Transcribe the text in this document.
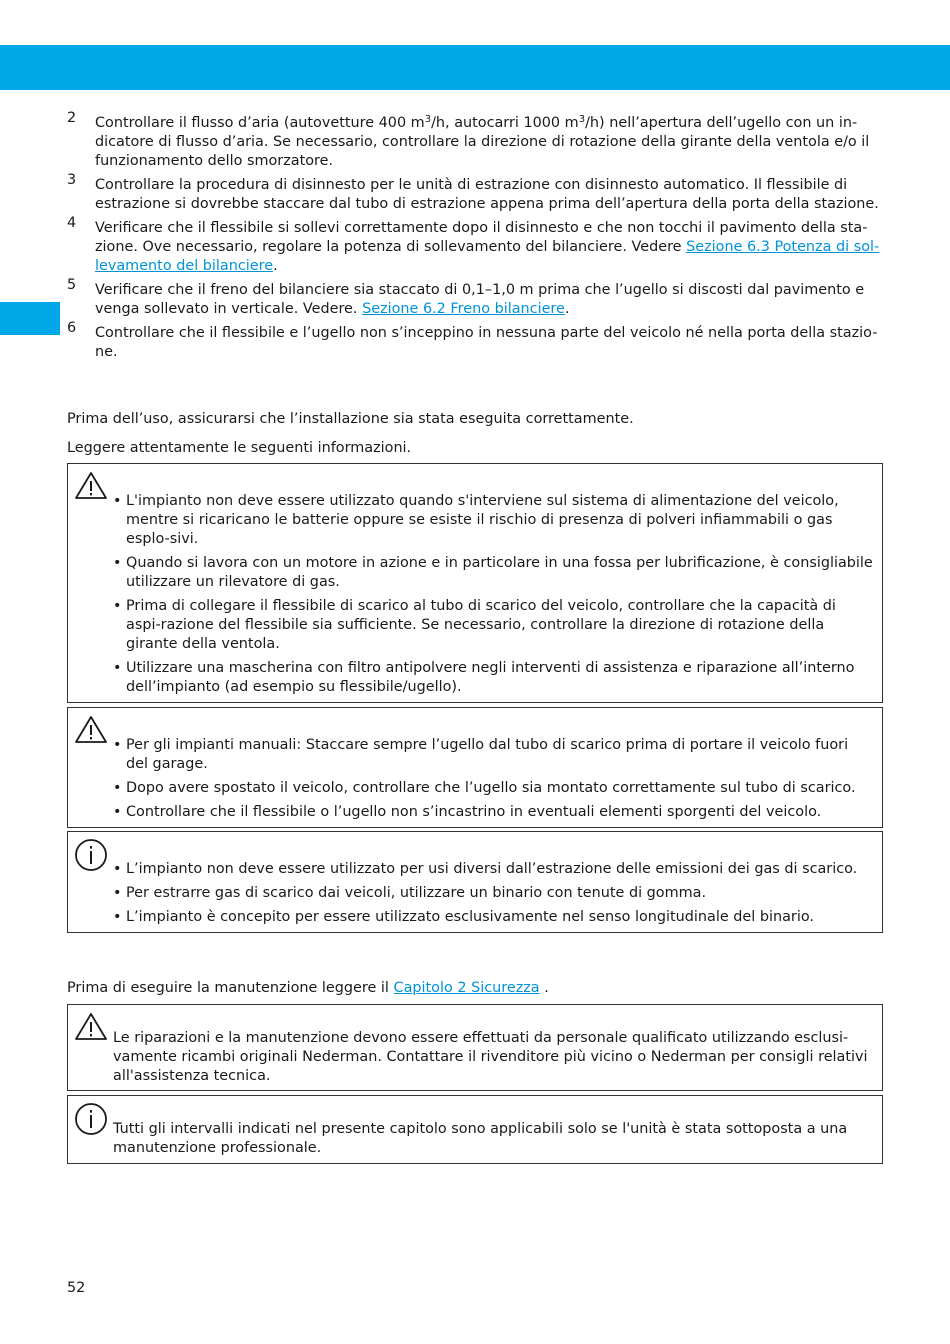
2 Controllare il flusso d’aria (autovetture 400 $m^3/h$, autocarri 1000 $m^3/h$) nell’apertura dell’ugello con un in-dicatore di flusso d’aria. Se necessario, controllare la direzione di rotazione della girante della ventola e/o il funzionamento dello smorzatore.
3 Controllare la procedura di disinnesto per le unità di estrazione con disinnesto automatico. Il flessibile di estrazione si dovrebbe staccare dal tubo di estrazione appena prima dell’apertura della porta della stazione.
4 Verificare che il flessibile si sollevi correttamente dopo il disinnesto e che non tocchi il pavimento della sta-zione. Ove necessario, regolare la potenza di sollevamento del bilanciere. Vedere Sezione 6.3 Potenza di sol-levamento del bilanciere.
5 Verificare che il freno del bilanciere sia staccato di 0,1–1,0 m prima che l’ugello si discosti dal pavimento e venga sollevato in verticale. Vedere. Sezione 6.2 Freno bilanciere.
6 Controllare che il flessibile e l’ugello non s’inceppino in nessuna parte del veicolo né nella porta della stazio-ne.
Prima dell’uso, assicurarsi che l’installazione sia stata eseguita correttamente.
Leggere attentamente le seguenti informazioni.
• L'impianto non deve essere utilizzato quando s'interviene sul sistema di alimentazione del veicolo, mentre si ricaricano le batterie oppure se esiste il rischio di presenza di polveri infiammabili o gas esplo-sivi.
• Quando si lavora con un motore in azione e in particolare in una fossa per lubrificazione, è consigliabile utilizzare un rilevatore di gas.
• Prima di collegare il flessibile di scarico al tubo di scarico del veicolo, controllare che la capacità di aspi-razione del flessibile sia sufficiente. Se necessario, controllare la direzione di rotazione della girante della ventola.
• Utilizzare una mascherina con filtro antipolvere negli interventi di assistenza e riparazione all’interno dell’impianto (ad esempio su flessibile/ugello).
• Per gli impianti manuali: Staccare sempre l’ugello dal tubo di scarico prima di portare il veicolo fuori del garage.
• Dopo avere spostato il veicolo, controllare che l’ugello sia montato correttamente sul tubo di scarico.
• Controllare che il flessibile o l’ugello non s’incastrino in eventuali elementi sporgenti del veicolo.
• L’impianto non deve essere utilizzato per usi diversi dall’estrazione delle emissioni dei gas di scarico.
• Per estrarre gas di scarico dai veicoli, utilizzare un binario con tenute di gomma.
• L’impianto è concepito per essere utilizzato esclusivamente nel senso longitudinale del binario.
Prima di eseguire la manutenzione leggere il Capitolo 2 Sicurezza .

Le riparazioni e la manutenzione devono essere effettuati da personale qualificato utilizzando esclusi-vamente ricambi originali Nederman. Contattare il rivenditore più vicino o Nederman per consigli relativi all'assistenza tecnica.

Tutti gli intervalli indicati nel presente capitolo sono applicabili solo se l'unità è stata sottoposta a una manutenzione professionale.

52
